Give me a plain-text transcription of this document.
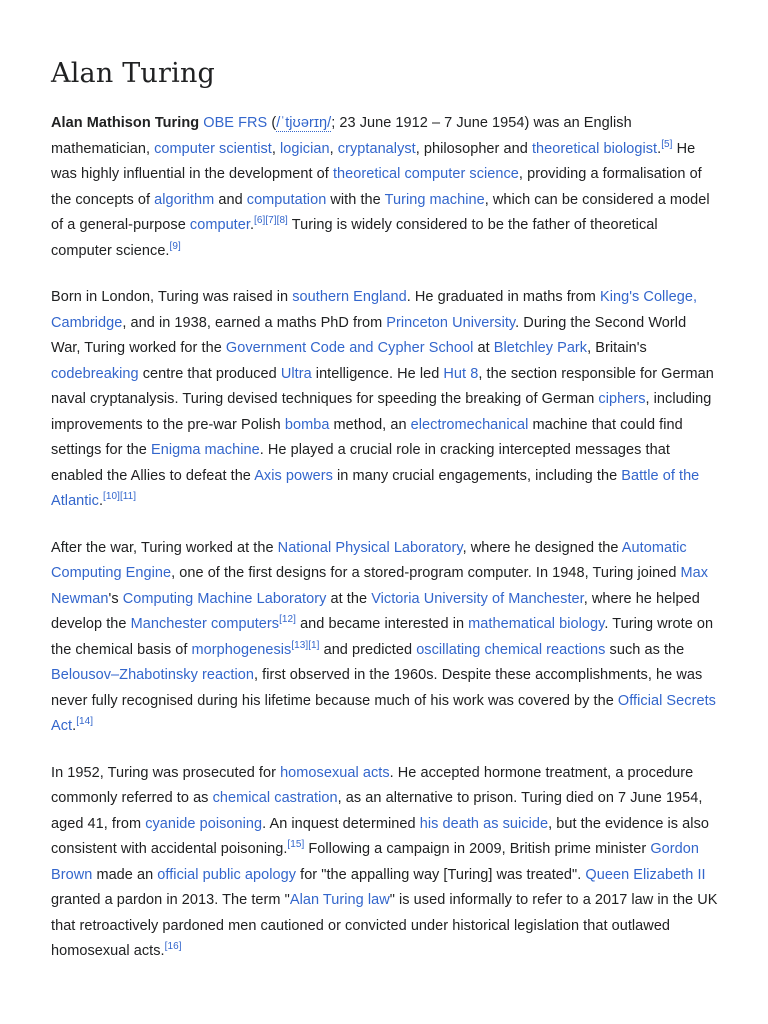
Alan Turing

Alan Mathison Turing OBE FRS (/ˈtjʊərɪŋ/; 23 June 1912 – 7 June 1954) was an English mathematician, computer scientist, logician, cryptanalyst, philosopher and theoretical biologist.[5] He was highly influential in the development of theoretical computer science, providing a formalisation of the concepts of algorithm and computation with the Turing machine, which can be considered a model of a general-purpose computer.[6][7][8] Turing is widely considered to be the father of theoretical computer science.[9]

Born in London, Turing was raised in southern England. He graduated in maths from King's College, Cambridge, and in 1938, earned a maths PhD from Princeton University. During the Second World War, Turing worked for the Government Code and Cypher School at Bletchley Park, Britain's codebreaking centre that produced Ultra intelligence. He led Hut 8, the section responsible for German naval cryptanalysis. Turing devised techniques for speeding the breaking of German ciphers, including improvements to the pre-war Polish bomba method, an electromechanical machine that could find settings for the Enigma machine. He played a crucial role in cracking intercepted messages that enabled the Allies to defeat the Axis powers in many crucial engagements, including the Battle of the Atlantic.[10][11]

After the war, Turing worked at the National Physical Laboratory, where he designed the Automatic Computing Engine, one of the first designs for a stored-program computer. In 1948, Turing joined Max Newman's Computing Machine Laboratory at the Victoria University of Manchester, where he helped develop the Manchester computers[12] and became interested in mathematical biology. Turing wrote on the chemical basis of morphogenesis[13][1] and predicted oscillating chemical reactions such as the Belousov–Zhabotinsky reaction, first observed in the 1960s. Despite these accomplishments, he was never fully recognised during his lifetime because much of his work was covered by the Official Secrets Act.[14]

In 1952, Turing was prosecuted for homosexual acts. He accepted hormone treatment, a procedure commonly referred to as chemical castration, as an alternative to prison. Turing died on 7 June 1954, aged 41, from cyanide poisoning. An inquest determined his death as suicide, but the evidence is also consistent with accidental poisoning.[15] Following a campaign in 2009, British prime minister Gordon Brown made an official public apology for "the appalling way [Turing] was treated". Queen Elizabeth II granted a pardon in 2013. The term "Alan Turing law" is used informally to refer to a 2017 law in the UK that retroactively pardoned men cautioned or convicted under historical legislation that outlawed homosexual acts.[16]
